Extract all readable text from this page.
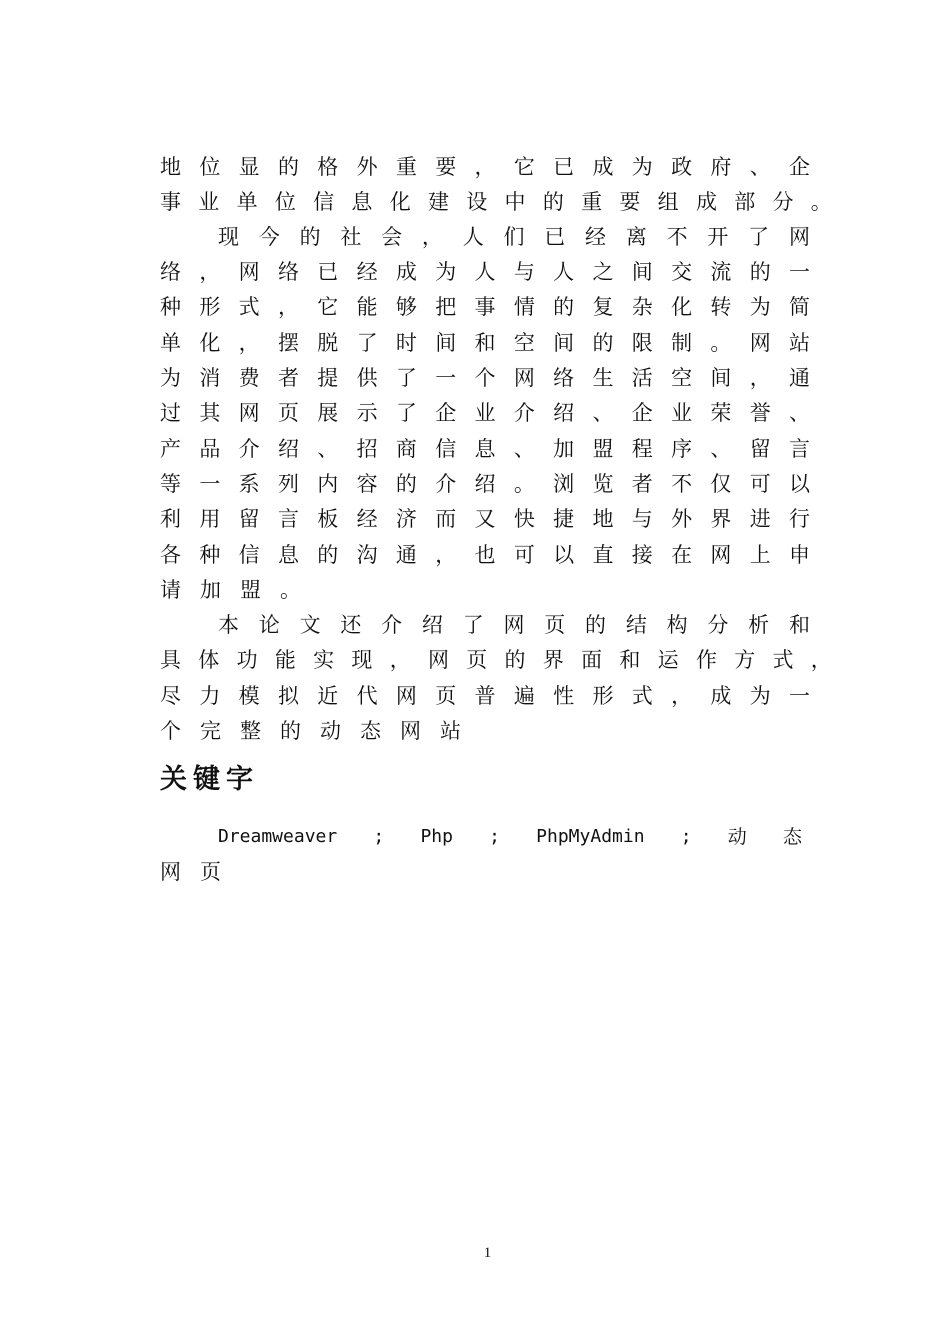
地 位 显 的 格 外 重 要 ， 它 已 成 为 政 府 、 企
事 业 单 位 信 息 化 建 设 中 的 重 要 组 成 部 分 。
现 今 的 社 会 ， 人 们 已 经 离 不 开 了 网
络 ， 网 络 已 经 成 为 人 与 人 之 间 交 流 的 一
种 形 式 ， 它 能 够 把 事 情 的 复 杂 化 转 为 简
单 化 ， 摆 脱 了 时 间 和 空 间 的 限 制 。 网 站
为 消 费 者 提 供 了 一 个 网 络 生 活 空 间 ， 通
过 其 网 页 展 示 了 企 业 介 绍 、 企 业 荣 誉 、
产 品 介 绍 、 招 商 信 息 、 加 盟 程 序 、 留 言
等 一 系 列 内 容 的 介 绍 。 浏 览 者 不 仅 可 以
利 用 留 言 板 经 济 而 又 快 捷 地 与 外 界 进 行
各 种 信 息 的 沟 通 ， 也 可 以 直 接 在 网 上 申
请 加 盟 。
本 论 文 还 介 绍 了 网 页 的 结 构 分 析 和
具 体 功 能 实 现 ， 网 页 的 界 面 和 运 作 方 式 ，
尽 力 模 拟 近 代 网 页 普 遍 性 形 式 ， 成 为 一
个 完 整 的 动 态 网 站
关键字
Dreamweaver ; Php ; PhpMyAdmin ; 动 态
网 页
1
